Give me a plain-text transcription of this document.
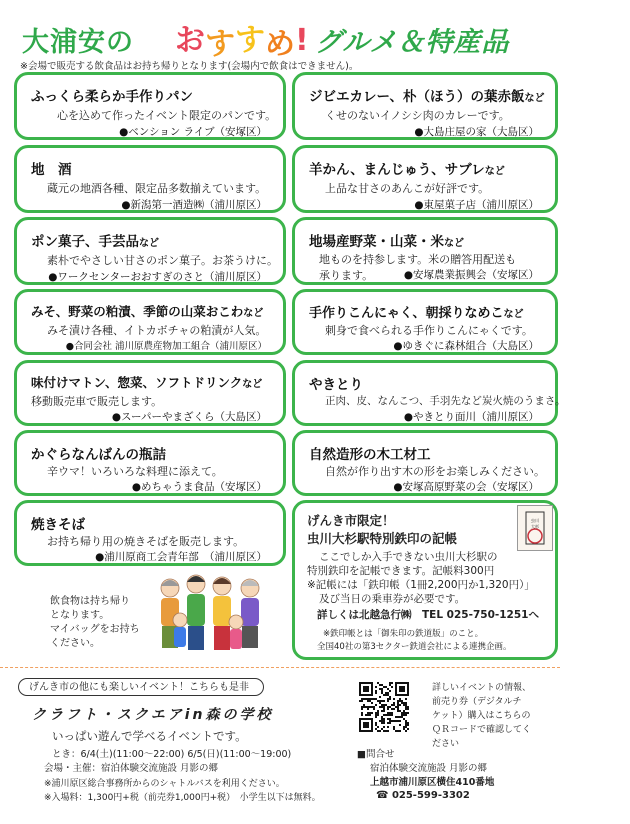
大浦安の おすすめ! グルメ＆特産品
※会場で販売する飲食品はお持ち帰りとなります(会場内で飲食はできません)。
ふっくら柔らか手作りパン
心を込めて作ったイベント限定のパンです。
●ベンション ライブ（安塚区）
ジビエカレー、朴（ほう）の葉赤飯など
くせのないイノシシ肉のカレーです。
●大島庄屋の家（大島区）
地　酒
蔵元の地酒各種、限定品多数揃えています。
●新潟第一酒造㈱（浦川原区）
羊かん、まんじゅう、サブレなど
上品な甘さのあんこが好評です。
●東屋菓子店（浦川原区）
ポン菓子、手芸品など
素朴でやさしい甘さのポン菓子。お茶うけに。
●ワークセンターおおすぎのさと（浦川原区）
地場産野菜・山菜・米など
地ものを持参します。米の贈答用配送も
承ります。	●安塚農業振興会（安塚区）
みそ、野菜の粕漬、季節の山菜おこわなど
みそ漬け各種、イトカボチャの粕漬が人気。
●合同会社 浦川原農産物加工組合（浦川原区）
手作りこんにゃく、朝採りなめこなど
刺身で食べられる手作りこんにゃくです。
●ゆきぐに森林組合（大島区）
味付けマトン、惣菜、ソフトドリンクなど
移動販売車で販売します。
●スーパーやまざくら（大島区）
やきとり
正肉、皮、なんこつ、手羽先など炭火焼のうまさ。
●やきとり面川（浦川原区）
かぐらなんばんの瓶詰
辛ウマ！いろいろな料理に添えて。
●めちゃうま食品（安塚区）
自然造形の木工材工
自然が作り出す木の形をお楽しみください。
●安塚高原野菜の会（安塚区）
焼きそば
お持ち帰り用の焼きそばを販売します。
●浦川原商工会青年部　（浦川原区）
げんき市限定！
虫川大杉駅特別鉄印の記帳
虫川
大杉
ここでしか入手できない虫川大杉駅の
特別鉄印を記帳できます。記帳料300円
※記帳には「鉄印帳（1冊2,200円か1,320円）」
及び当日の乗車券が必要です。
詳しくは北越急行㈱　TEL 025-750-1251へ
※鉄印帳とは「御朱印の鉄道版」のこと。
全国40社の第3セクター鉄道会社による連携企画。
飲食物は持ち帰り
となります。
マイバッグをお持ち
ください。
げんき市の他にも楽しいイベント！こちらも是非
クラフト・スクエアin森の学校
いっぱい遊んで学べるイベントです。
とき：6/4(土)(11:00～22:00) 6/5(日)(11:00～19:00)
会場・主催：宿泊体験交流施設 月影の郷
※浦川原区総合事務所からのシャトルバスを利用ください。
※入場料：1,300円+税（前売券1,000円+税）　小学生以下は無料。
詳しいイベントの情報、
前売り券（デジタルチ
ケット）購入はこちらの
ＱＲコードで確認してく
ださい
■問合せ
宿泊体験交流施設 月影の郷
上越市浦川原区横住410番地
☎ 025-599-3302
